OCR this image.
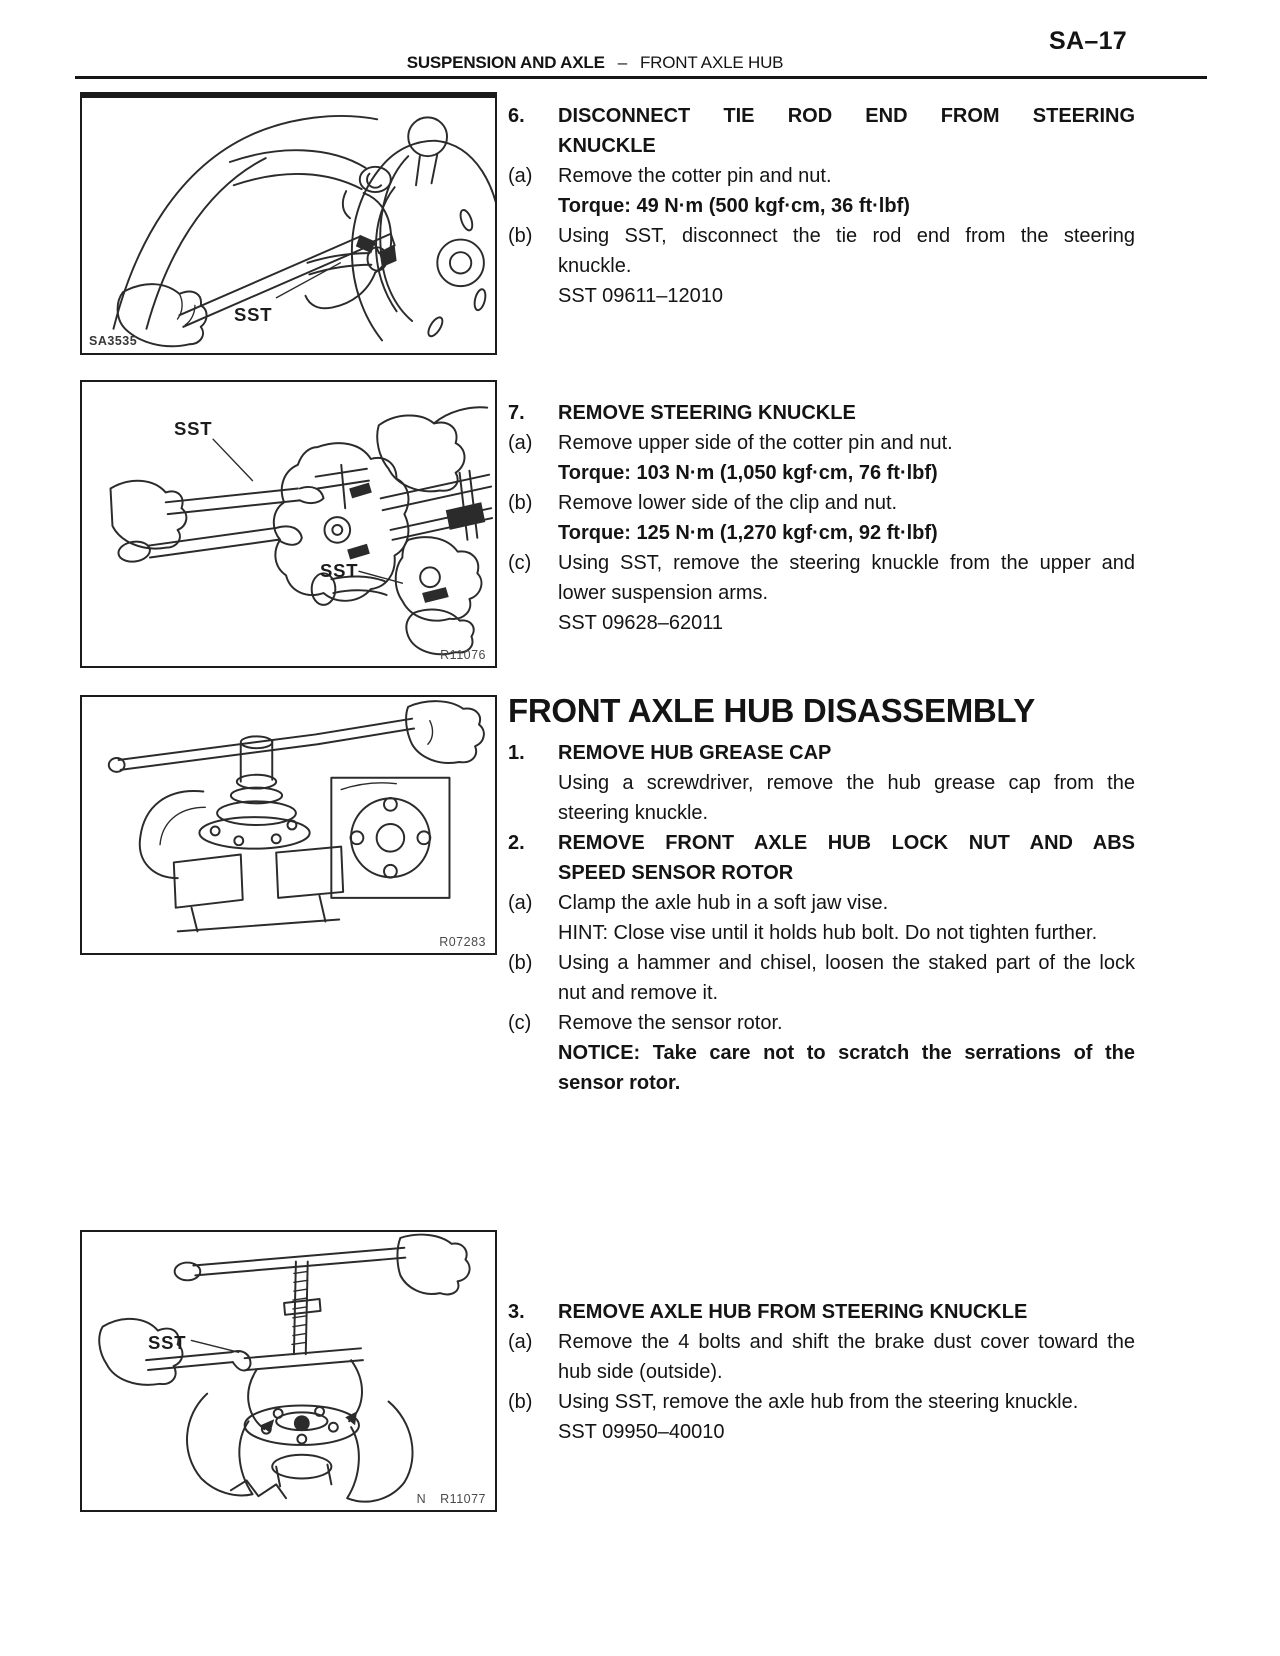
SA–17
SUSPENSION AND AXLE – FRONT AXLE HUB
SST
SA3535
SST
SST
R11076
R07283
SST
N R11077
6.	DISCONNECT TIE ROD END FROM STEERING
KNUCKLE
(a)	Remove the cotter pin and nut.
Torque: 49 N·m (500 kgf·cm, 36 ft·lbf)
(b)	Using SST, disconnect the tie rod end from the steering
knuckle.
SST 09611–12010
7.	REMOVE STEERING KNUCKLE
(a)	Remove upper side of the cotter pin and nut.
Torque: 103 N·m (1,050 kgf·cm, 76 ft·lbf)
(b)	Remove lower side of the clip and nut.
Torque: 125 N·m (1,270 kgf·cm, 92 ft·lbf)
(c)	Using SST, remove the steering knuckle from the upper and
lower suspension arms.
SST 09628–62011
FRONT AXLE HUB DISASSEMBLY
1.	REMOVE HUB GREASE CAP
Using a screwdriver, remove the hub grease cap from the
steering knuckle.
2.	REMOVE FRONT AXLE HUB LOCK NUT AND ABS
SPEED SENSOR ROTOR
(a)	Clamp the axle hub in a soft jaw vise.
HINT: Close vise until it holds hub bolt. Do not tighten further.
(b)	Using a hammer and chisel, loosen the staked part of the lock
nut and remove it.
(c)	Remove the sensor rotor.
NOTICE: Take care not to scratch the serrations of the
sensor rotor.
3.	REMOVE AXLE HUB FROM STEERING KNUCKLE
(a)	Remove the 4 bolts and shift the brake dust cover toward the
hub side (outside).
(b)	Using SST, remove the axle hub from the steering knuckle.
SST 09950–40010
